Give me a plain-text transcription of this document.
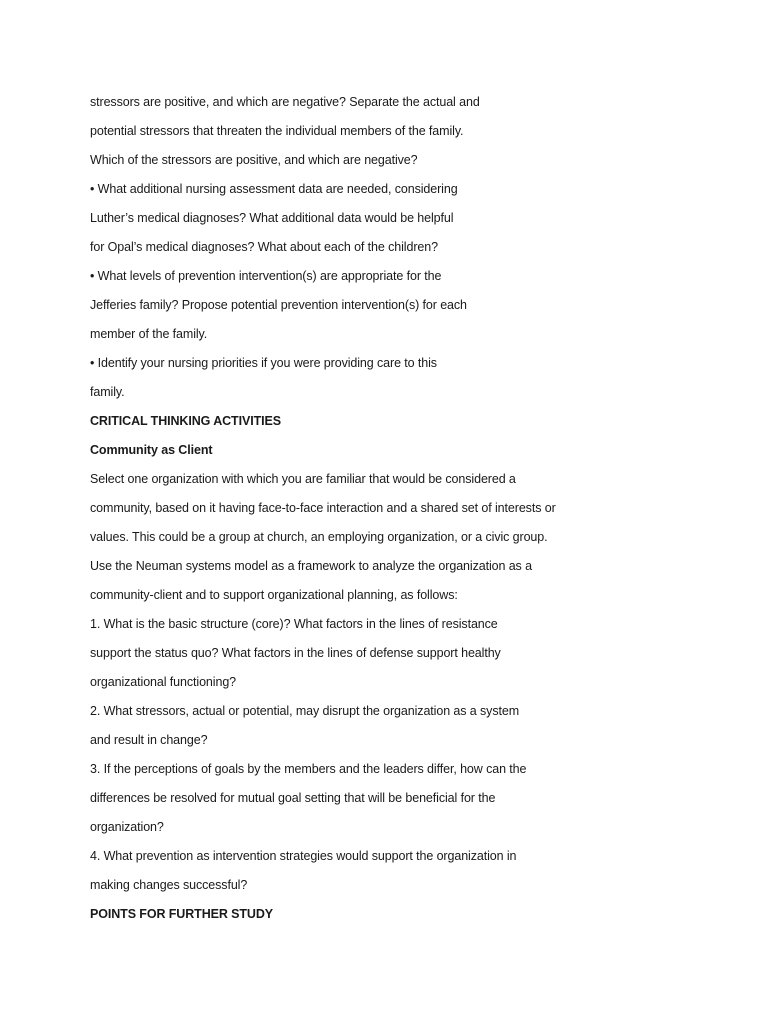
stressors are positive, and which are negative? Separate the actual and
potential stressors that threaten the individual members of the family.
Which of the stressors are positive, and which are negative?
• What additional nursing assessment data are needed, considering
Luther’s medical diagnoses? What additional data would be helpful
for Opal’s medical diagnoses? What about each of the children?
• What levels of prevention intervention(s) are appropriate for the
Jefferies family? Propose potential prevention intervention(s) for each
member of the family.
• Identify your nursing priorities if you were providing care to this
family.
CRITICAL THINKING ACTIVITIES
Community as Client
Select one organization with which you are familiar that would be considered a
community, based on it having face-to-face interaction and a shared set of interests or
values. This could be a group at church, an employing organization, or a civic group.
Use the Neuman systems model as a framework to analyze the organization as a
community-client and to support organizational planning, as follows:
1. What is the basic structure (core)? What factors in the lines of resistance
support the status quo? What factors in the lines of defense support healthy
organizational functioning?
2. What stressors, actual or potential, may disrupt the organization as a system
and result in change?
3. If the perceptions of goals by the members and the leaders differ, how can the
differences be resolved for mutual goal setting that will be beneficial for the
organization?
4. What prevention as intervention strategies would support the organization in
making changes successful?
POINTS FOR FURTHER STUDY
